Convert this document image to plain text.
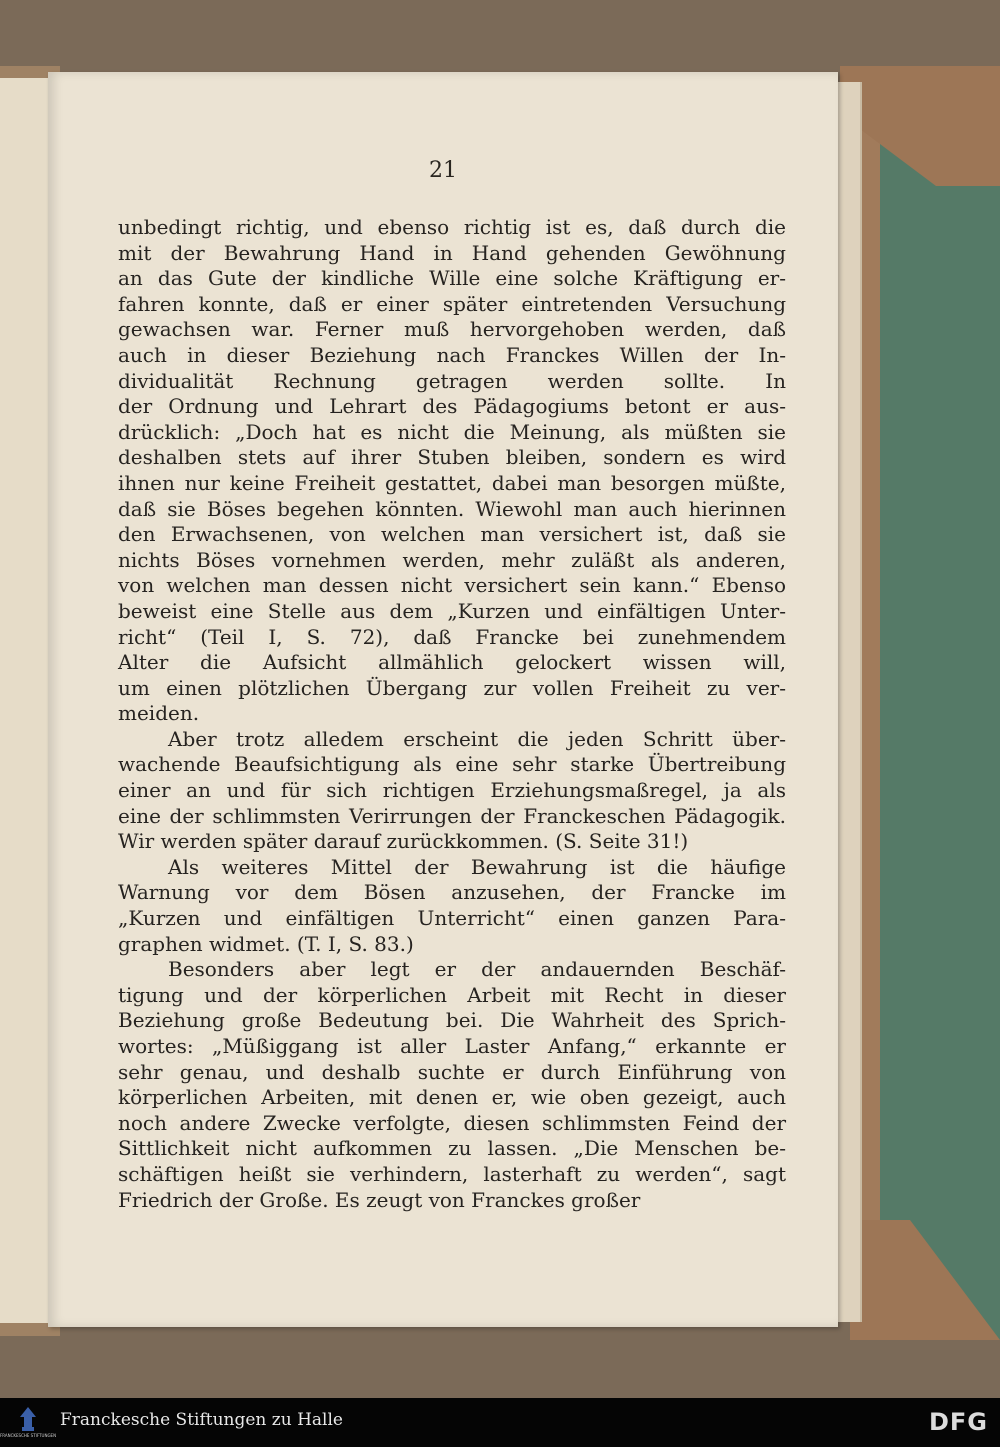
21
unbedingt richtig, und ebenso richtig ist es, daß durch die
mit der Bewahrung Hand in Hand gehenden Gewöhnung
an das Gute der kindliche Wille eine solche Kräftigung er-
fahren konnte, daß er einer später eintretenden Versuchung
gewachsen war. Ferner muß hervorgehoben werden, daß
auch in dieser Beziehung nach Franckes Willen der In-
dividualität Rechnung getragen werden sollte. In
der Ordnung und Lehrart des Pädagogiums betont er aus-
drücklich: „Doch hat es nicht die Meinung, als müßten sie
deshalben stets auf ihrer Stuben bleiben, sondern es wird
ihnen nur keine Freiheit gestattet, dabei man besorgen müßte,
daß sie Böses begehen könnten. Wiewohl man auch hierinnen
den Erwachsenen, von welchen man versichert ist, daß sie
nichts Böses vornehmen werden, mehr zuläßt als anderen,
von welchen man dessen nicht versichert sein kann.“ Ebenso
beweist eine Stelle aus dem „Kurzen und einfältigen Unter-
richt“ (Teil I, S. 72), daß Francke bei zunehmendem
Alter die Aufsicht allmählich gelockert wissen will,
um einen plötzlichen Übergang zur vollen Freiheit zu ver-
meiden.
Aber trotz alledem erscheint die jeden Schritt über-
wachende Beaufsichtigung als eine sehr starke Übertreibung
einer an und für sich richtigen Erziehungsmaßregel, ja als
eine der schlimmsten Verirrungen der Franckeschen Pädagogik.
Wir werden später darauf zurückkommen. (S. Seite 31!)
Als weiteres Mittel der Bewahrung ist die häufige
Warnung vor dem Bösen anzusehen, der Francke im
„Kurzen und einfältigen Unterricht“ einen ganzen Para-
graphen widmet. (T. I, S. 83.)
Besonders aber legt er der andauernden Beschäf-
tigung und der körperlichen Arbeit mit Recht in dieser
Beziehung große Bedeutung bei. Die Wahrheit des Sprich-
wortes: „Müßiggang ist aller Laster Anfang,“ erkannte er
sehr genau, und deshalb suchte er durch Einführung von
körperlichen Arbeiten, mit denen er, wie oben gezeigt, auch
noch andere Zwecke verfolgte, diesen schlimmsten Feind der
Sittlichkeit nicht aufkommen zu lassen. „Die Menschen be-
schäftigen heißt sie verhindern, lasterhaft zu werden“, sagt
Friedrich der Große. Es zeugt von Franckes großer
FRANCKESCHE STIFTUNGEN
Franckesche Stiftungen zu Halle	DFG
